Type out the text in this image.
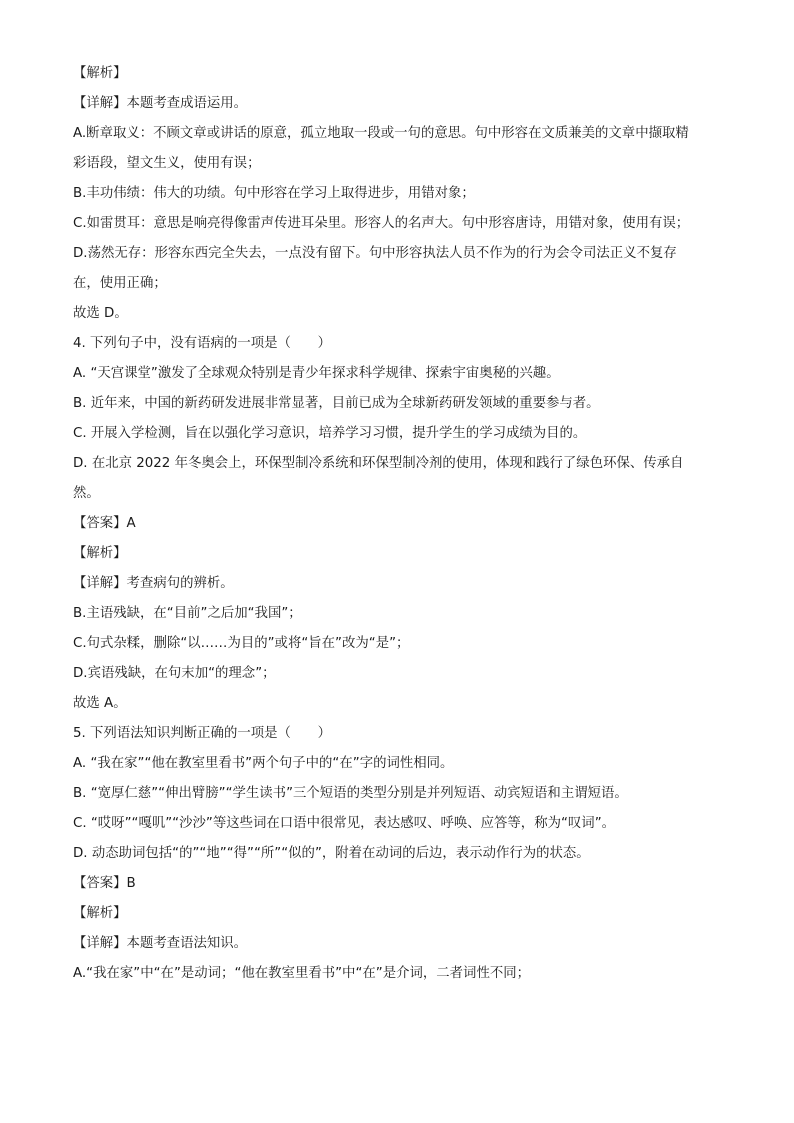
【解析】
【详解】本题考查成语运用。
A.断章取义：不顾文章或讲话的原意，孤立地取一段或一句的意思。句中形容在文质兼美的文章中撷取精
彩语段，望文生义，使用有误；
B.丰功伟绩：伟大的功绩。句中形容在学习上取得进步，用错对象；
C.如雷贯耳：意思是响亮得像雷声传进耳朵里。形容人的名声大。句中形容唐诗，用错对象，使用有误；
D.荡然无存：形容东西完全失去，一点没有留下。句中形容执法人员不作为的行为会令司法正义不复存
在，使用正确；
故选 D。
4. 下列句子中，没有语病的一项是（　　）
A. “天宫课堂”激发了全球观众特别是青少年探求科学规律、探索宇宙奥秘的兴趣。
B. 近年来，中国的新药研发进展非常显著，目前已成为全球新药研发领域的重要参与者。
C. 开展入学检测，旨在以强化学习意识，培养学习习惯，提升学生的学习成绩为目的。
D. 在北京 2022 年冬奥会上，环保型制冷系统和环保型制冷剂的使用，体现和践行了绿色环保、传承自
然。
【答案】A
【解析】
【详解】考查病句的辨析。
B.主语残缺，在“目前”之后加“我国”；
C.句式杂糅，删除“以……为目的”或将“旨在”改为“是”；
D.宾语残缺，在句末加“的理念”；
故选 A。
5. 下列语法知识判断正确的一项是（　　）
A. “我在家”“他在教室里看书”两个句子中的“在”字的词性相同。
B. “宽厚仁慈”“伸出臂膀”“学生读书”三个短语的类型分别是并列短语、动宾短语和主谓短语。
C. “哎呀”“嘎叽”“沙沙”等这些词在口语中很常见，表达感叹、呼唤、应答等，称为“叹词”。
D. 动态助词包括“的”“地”“得”“所”“似的”，附着在动词的后边，表示动作行为的状态。
【答案】B
【解析】
【详解】本题考查语法知识。
A.“我在家”中“在”是动词；“他在教室里看书”中“在”是介词，二者词性不同；
